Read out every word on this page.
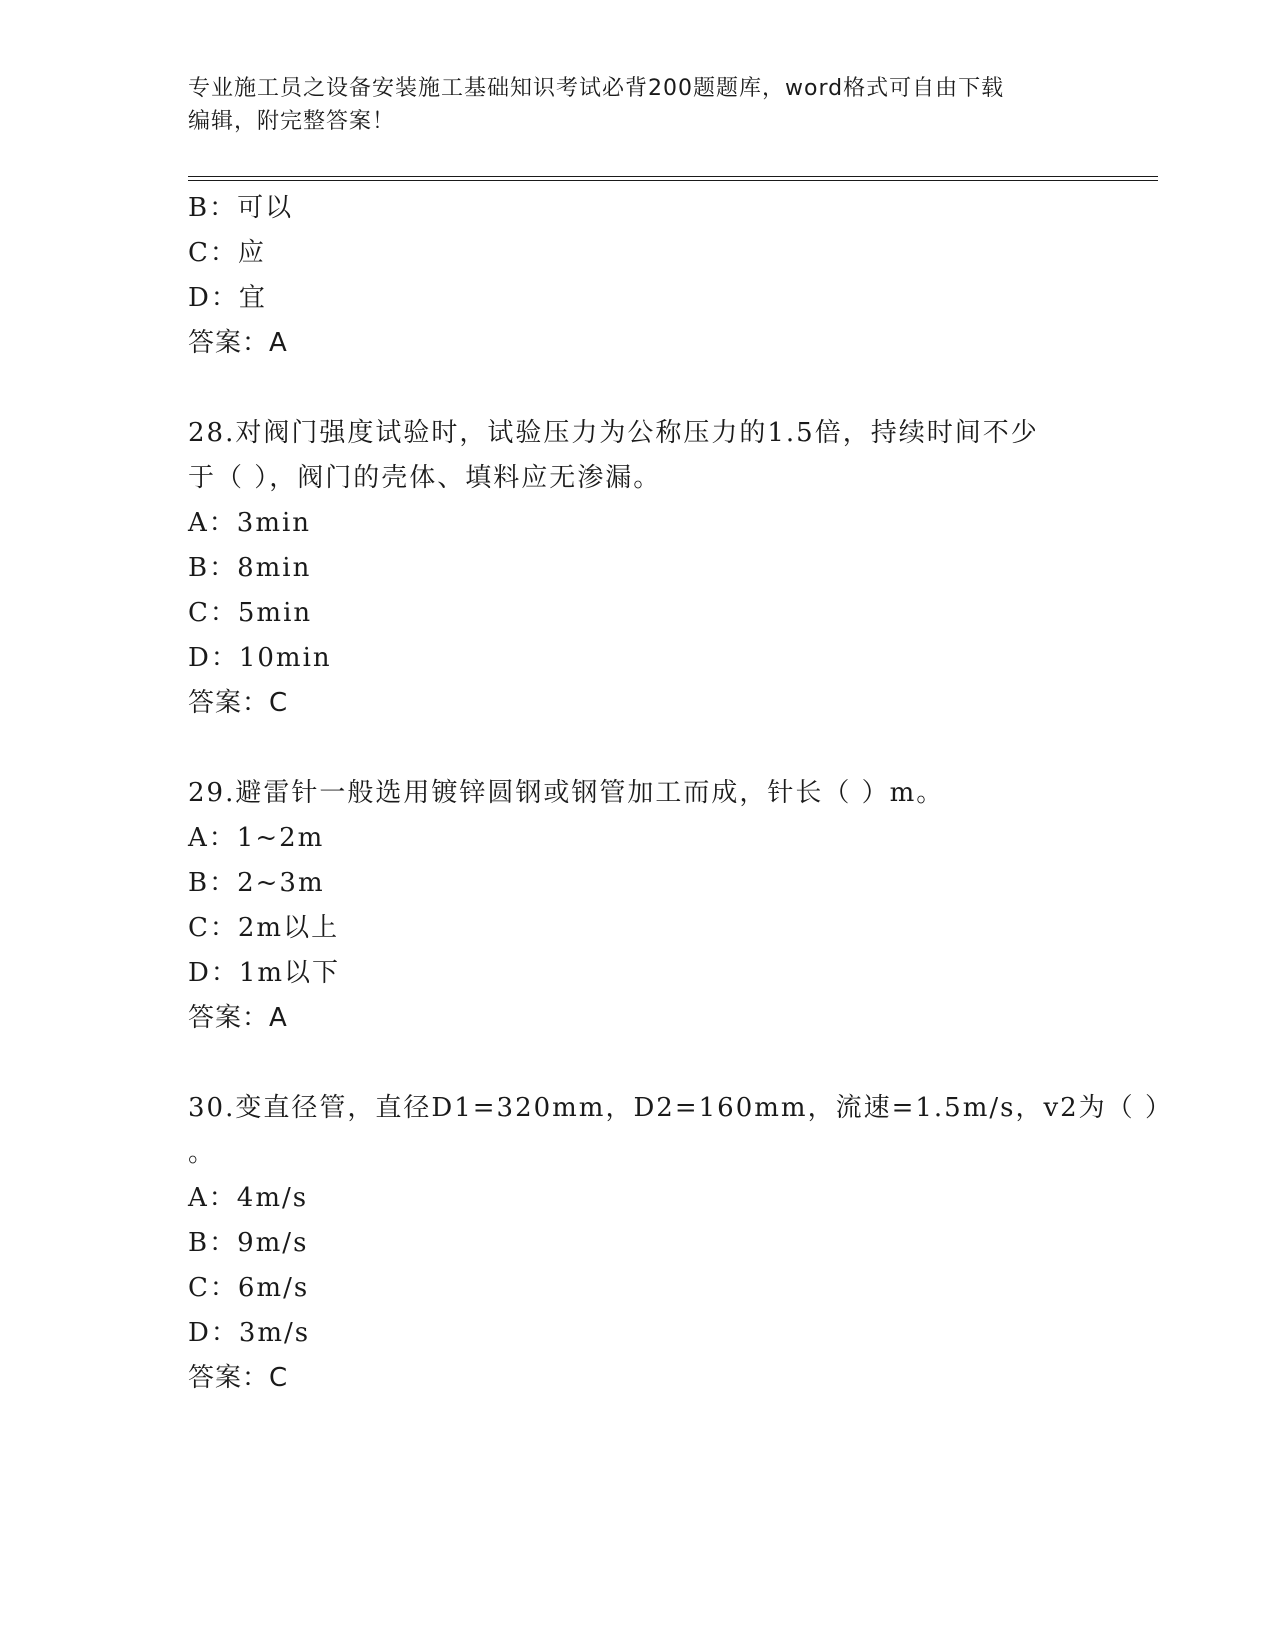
专业施工员之设备安装施工基础知识考试必背200题题库，word格式可自由下载
编辑，附完整答案！
B：可以
C：应
D：宜
答案：A
28.对阀门强度试验时，试验压力为公称压力的1.5倍，持续时间不少
于（ ），阀门的壳体、填料应无渗漏。
A：3min
B：8min
C：5min
D：10min
答案：C
29.避雷针一般选用镀锌圆钢或钢管加工而成，针长（ ）m。
A：1~2m
B：2~3m
C：2m以上
D：1m以下
答案：A
30.变直径管，直径D1=320mm，D2=160mm，流速=1.5m/s，v2为（ ）
。
A：4m/s
B：9m/s
C：6m/s
D：3m/s
答案：C
